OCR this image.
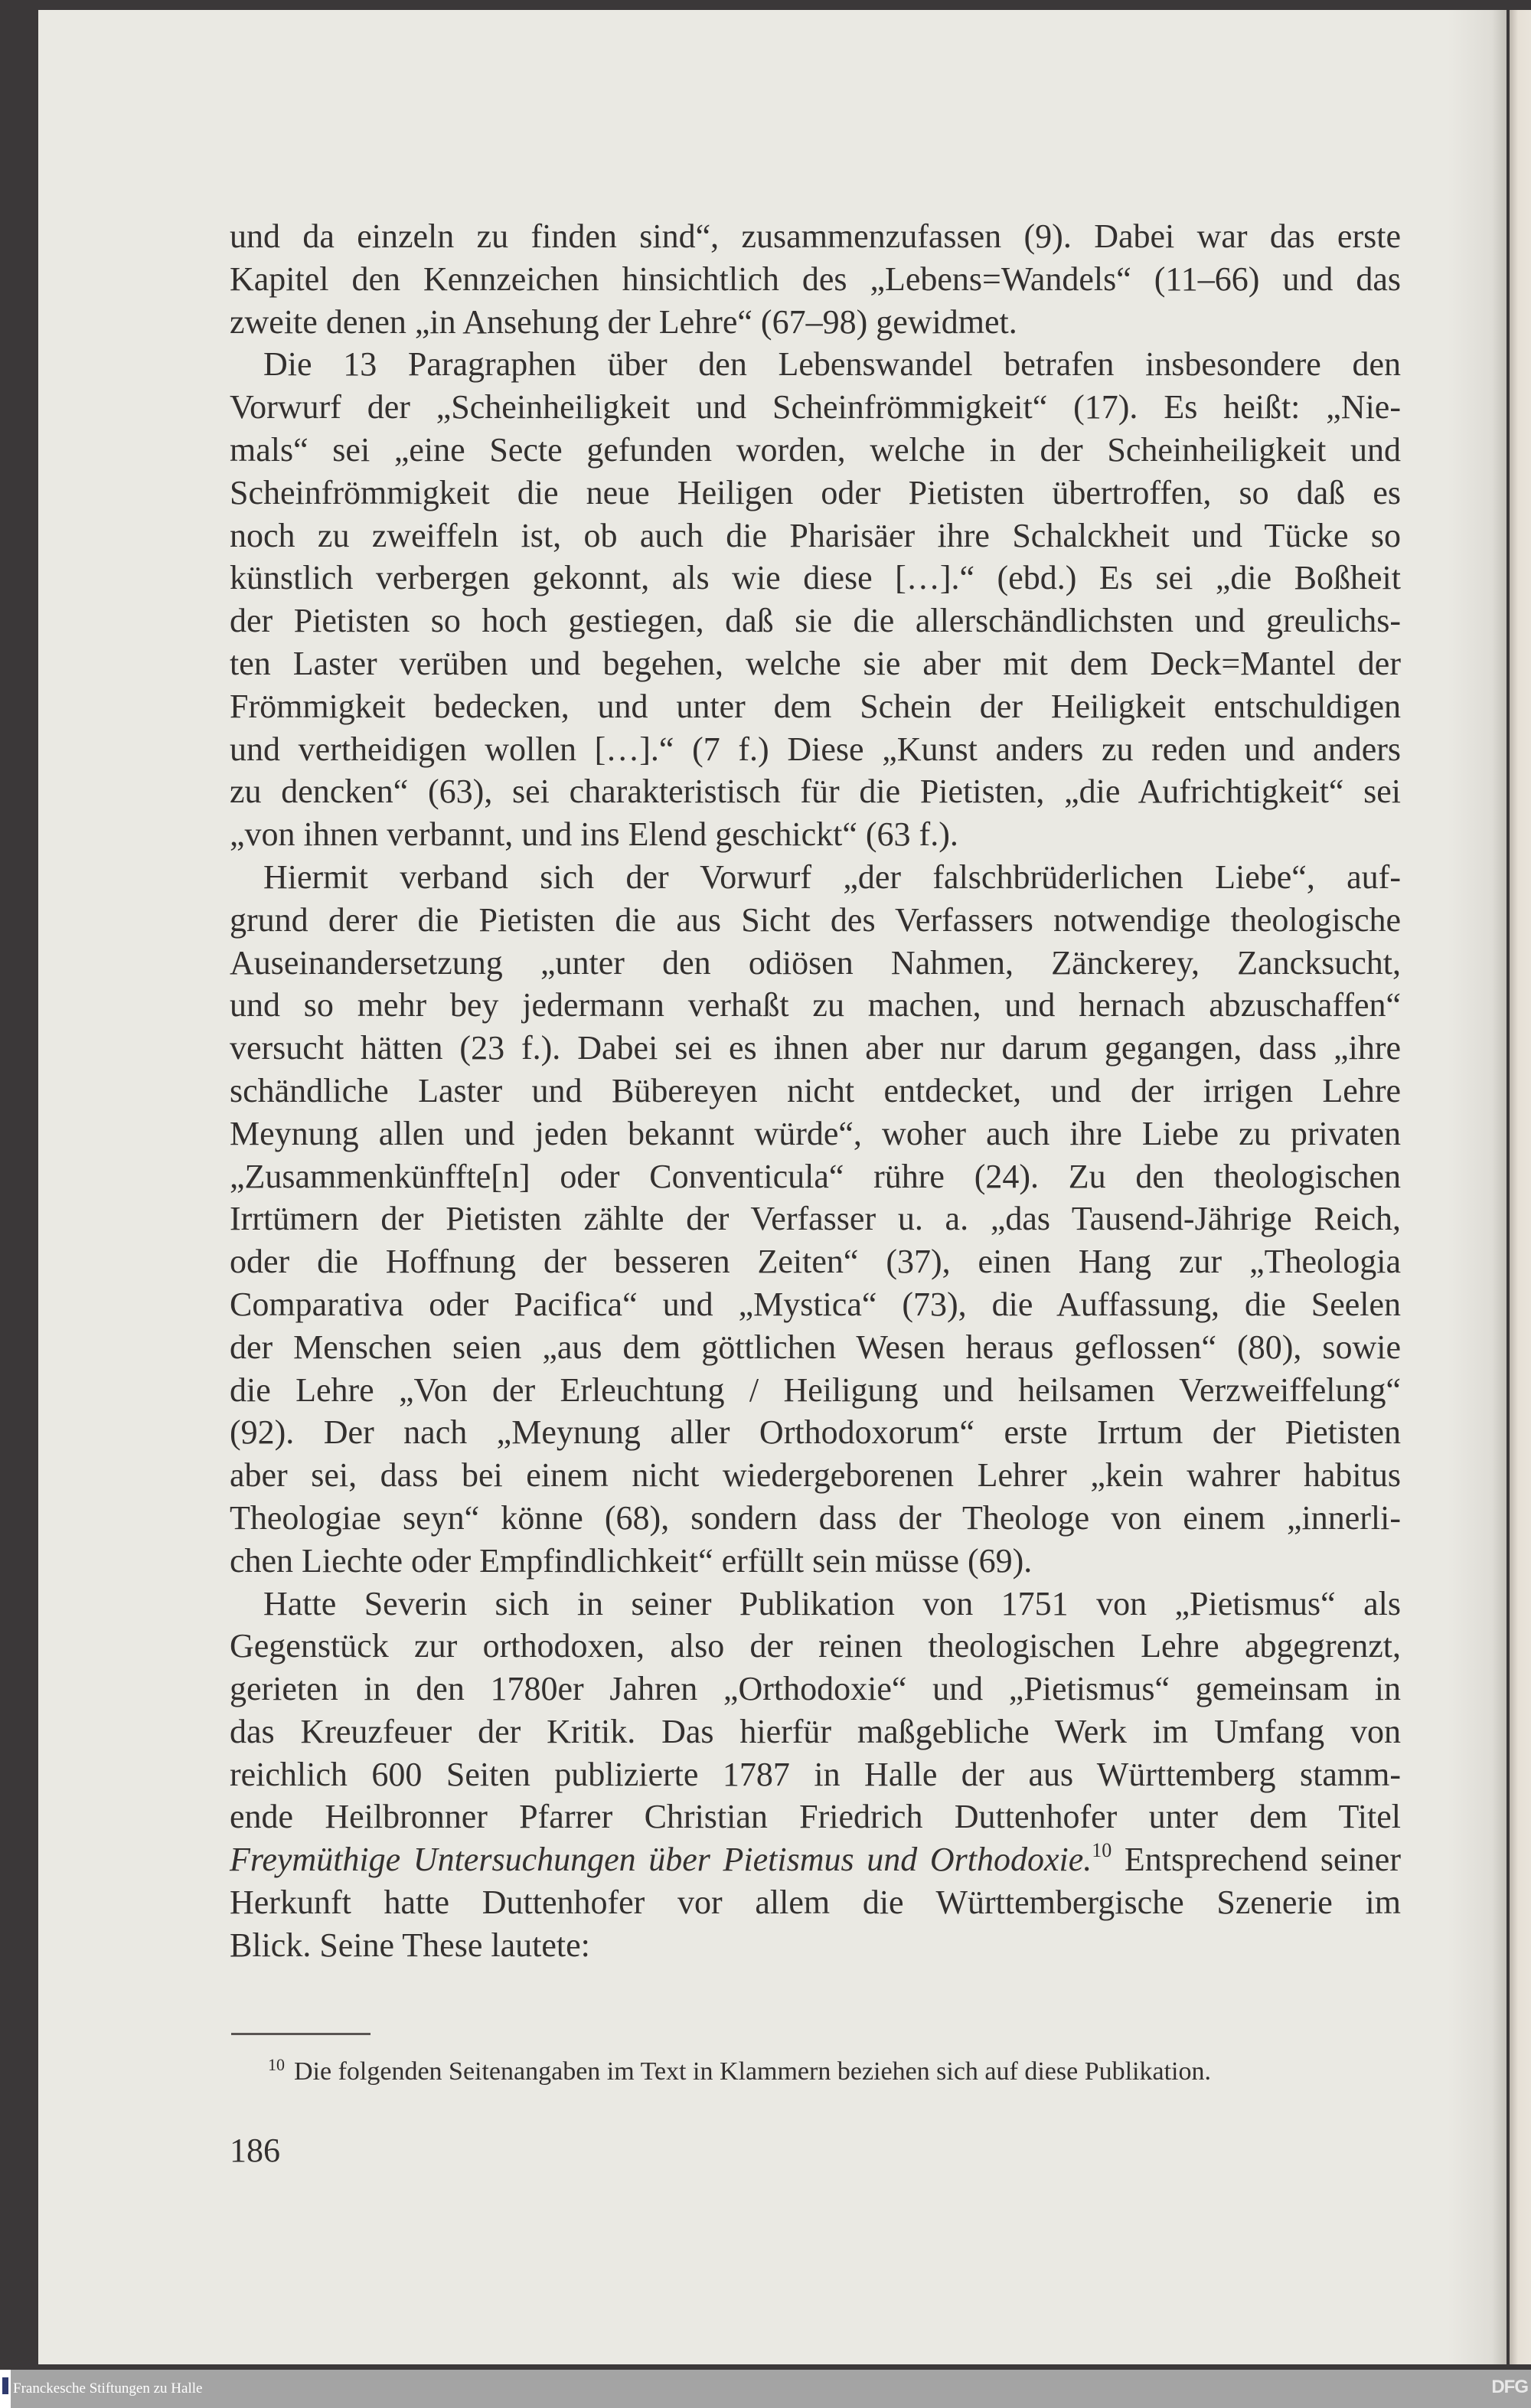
und da einzeln zu finden sind“, zusammenzufassen (9). Dabei war das erste
Kapitel den Kennzeichen hinsichtlich des „Lebens=Wandels“ (11–66) und das
zweite denen „in Ansehung der Lehre“ (67–98) gewidmet.
Die 13 Paragraphen über den Lebenswandel betrafen insbesondere den
Vorwurf der „Scheinheiligkeit und Scheinfrömmigkeit“ (17). Es heißt: „Nie-
mals“ sei „eine Secte gefunden worden, welche in der Scheinheiligkeit und
Scheinfrömmigkeit die neue Heiligen oder Pietisten übertroffen, so daß es
noch zu zweiffeln ist, ob auch die Pharisäer ihre Schalckheit und Tücke so
künstlich verbergen gekonnt, als wie diese […].“ (ebd.) Es sei „die Boßheit
der Pietisten so hoch gestiegen, daß sie die allerschändlichsten und greulichs-
ten Laster verüben und begehen, welche sie aber mit dem Deck=Mantel der
Frömmigkeit bedecken, und unter dem Schein der Heiligkeit entschuldigen
und vertheidigen wollen […].“ (7 f.) Diese „Kunst anders zu reden und anders
zu dencken“ (63), sei charakteristisch für die Pietisten, „die Aufrichtigkeit“ sei
„von ihnen verbannt, und ins Elend geschickt“ (63 f.).
Hiermit verband sich der Vorwurf „der falschbrüderlichen Liebe“, auf-
grund derer die Pietisten die aus Sicht des Verfassers notwendige theologische
Auseinandersetzung „unter den odiösen Nahmen, Zänckerey, Zancksucht,
und so mehr bey jedermann verhaßt zu machen, und hernach abzuschaffen“
versucht hätten (23 f.). Dabei sei es ihnen aber nur darum gegangen, dass „ihre
schändliche Laster und Bübereyen nicht entdecket, und der irrigen Lehre
Meynung allen und jeden bekannt würde“, woher auch ihre Liebe zu privaten
„Zusammenkünffte[n] oder Conventicula“ rühre (24). Zu den theologischen
Irrtümern der Pietisten zählte der Verfasser u. a. „das Tausend-Jährige Reich,
oder die Hoffnung der besseren Zeiten“ (37), einen Hang zur „Theologia
Comparativa oder Pacifica“ und „Mystica“ (73), die Auffassung, die Seelen
der Menschen seien „aus dem göttlichen Wesen heraus geflossen“ (80), sowie
die Lehre „Von der Erleuchtung / Heiligung und heilsamen Verzweiffelung“
(92). Der nach „Meynung aller Orthodoxorum“ erste Irrtum der Pietisten
aber sei, dass bei einem nicht wiedergeborenen Lehrer „kein wahrer habitus
Theologiae seyn“ könne (68), sondern dass der Theologe von einem „innerli-
chen Liechte oder Empfindlichkeit“ erfüllt sein müsse (69).
Hatte Severin sich in seiner Publikation von 1751 von „Pietismus“ als
Gegenstück zur orthodoxen, also der reinen theologischen Lehre abgegrenzt,
gerieten in den 1780er Jahren „Orthodoxie“ und „Pietismus“ gemeinsam in
das Kreuzfeuer der Kritik. Das hierfür maßgebliche Werk im Umfang von
reichlich 600 Seiten publizierte 1787 in Halle der aus Württemberg stamm-
ende Heilbronner Pfarrer Christian Friedrich Duttenhofer unter dem Titel
Freymüthige Untersuchungen über Pietismus und Orthodoxie.$^{10}$ Entsprechend seiner
Herkunft hatte Duttenhofer vor allem die Württembergische Szenerie im
Blick. Seine These lautete:
$^{10}$ Die folgenden Seitenangaben im Text in Klammern beziehen sich auf diese Publikation.
186
Franckesche Stiftungen zu Halle	DFG
